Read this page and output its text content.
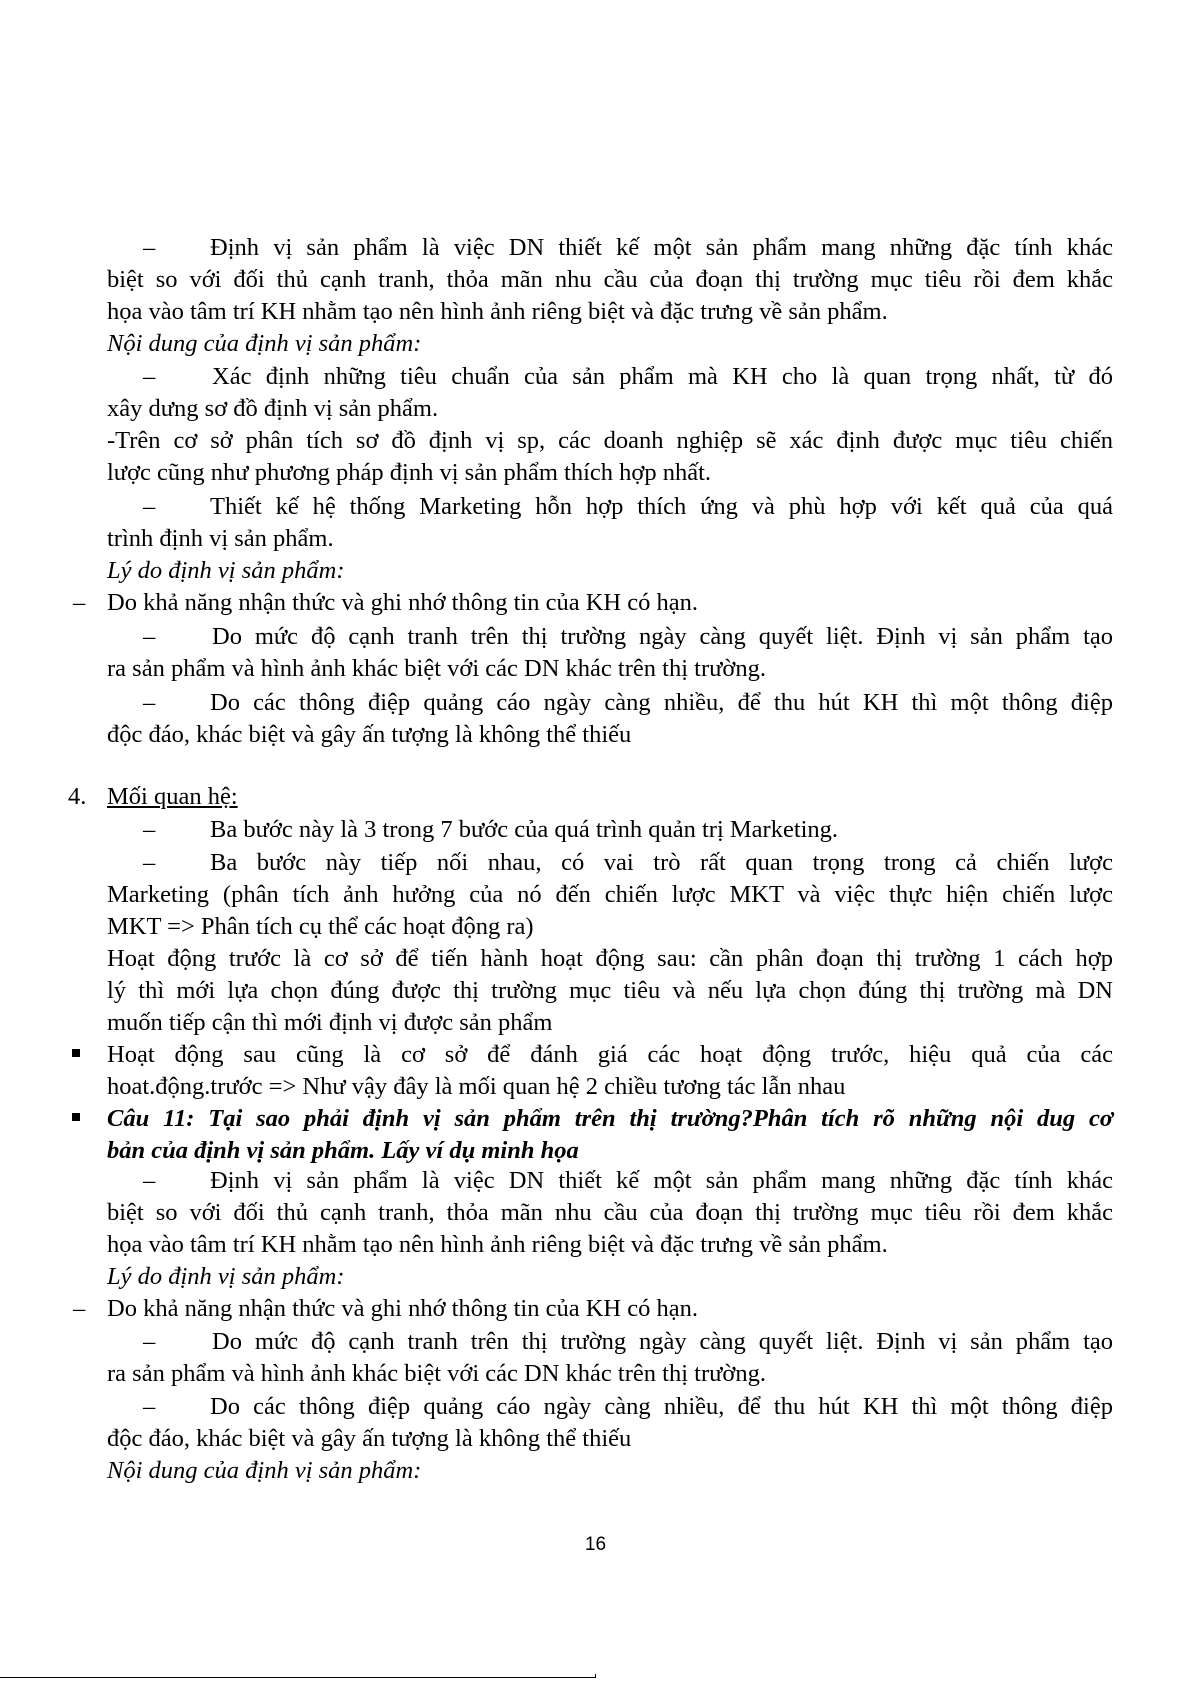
– Định vị sản phẩm là việc DN thiết kế một sản phẩm mang những đặc tính khác
biệt so với đối thủ cạnh tranh, thỏa mãn nhu cầu của đoạn thị trường mục tiêu rồi đem khắc
họa vào tâm trí KH nhằm tạo nên hình ảnh riêng biệt và đặc trưng về sản phẩm.
Nội dung của định vị sản phẩm:
– Xác định những tiêu chuẩn của sản phẩm mà KH cho là quan trọng nhất, từ đó
xây dưng sơ đồ định vị sản phẩm.
-Trên cơ sở phân tích sơ đồ định vị sp, các doanh nghiệp sẽ xác định được mục tiêu chiến
lược cũng như phương pháp định vị sản phẩm thích hợp nhất.
– Thiết kế hệ thống Marketing hỗn hợp thích ứng và phù hợp với kết quả của quá
trình định vị sản phẩm.
Lý do định vị sản phẩm:
– Do khả năng nhận thức và ghi nhớ thông tin của KH có hạn.
– Do mức độ cạnh tranh trên thị trường ngày càng quyết liệt. Định vị sản phẩm tạo
ra sản phẩm và hình ảnh khác biệt với các DN khác trên thị trường.
– Do các thông điệp quảng cáo ngày càng nhiều, để thu hút KH thì một thông điệp
độc đáo, khác biệt và gây ấn tượng là không thể thiếu
4. Mối quan hệ:
– Ba bước này là 3 trong 7 bước của quá trình quản trị Marketing.
– Ba bước này tiếp nối nhau, có vai trò rất quan trọng trong cả chiến lược
Marketing (phân tích ảnh hưởng của nó đến chiến lược MKT và việc thực hiện chiến lược
MKT => Phân tích cụ thể các hoạt động ra)
Hoạt động trước là cơ sở để tiến hành hoạt động sau: cần phân đoạn thị trường 1 cách hợp
lý thì mới lựa chọn đúng được thị trường mục tiêu và nếu lựa chọn đúng thị trường mà DN
muốn tiếp cận thì mới định vị được sản phẩm
Hoạt động sau cũng là cơ sở để đánh giá các hoạt động trước, hiệu quả của các
hoat.động.trước => Như vậy đây là mối quan hệ 2 chiều tương tác lẫn nhau
Câu 11: Tại sao phải định vị sản phẩm trên thị trường?Phân tích rõ những nội dug cơ
bản của định vị sản phẩm. Lấy ví dụ minh họa
– Định vị sản phẩm là việc DN thiết kế một sản phẩm mang những đặc tính khác
biệt so với đối thủ cạnh tranh, thỏa mãn nhu cầu của đoạn thị trường mục tiêu rồi đem khắc
họa vào tâm trí KH nhằm tạo nên hình ảnh riêng biệt và đặc trưng về sản phẩm.
Lý do định vị sản phẩm:
– Do khả năng nhận thức và ghi nhớ thông tin của KH có hạn.
– Do mức độ cạnh tranh trên thị trường ngày càng quyết liệt. Định vị sản phẩm tạo
ra sản phẩm và hình ảnh khác biệt với các DN khác trên thị trường.
– Do các thông điệp quảng cáo ngày càng nhiều, để thu hút KH thì một thông điệp
độc đáo, khác biệt và gây ấn tượng là không thể thiếu
Nội dung của định vị sản phẩm:
16
